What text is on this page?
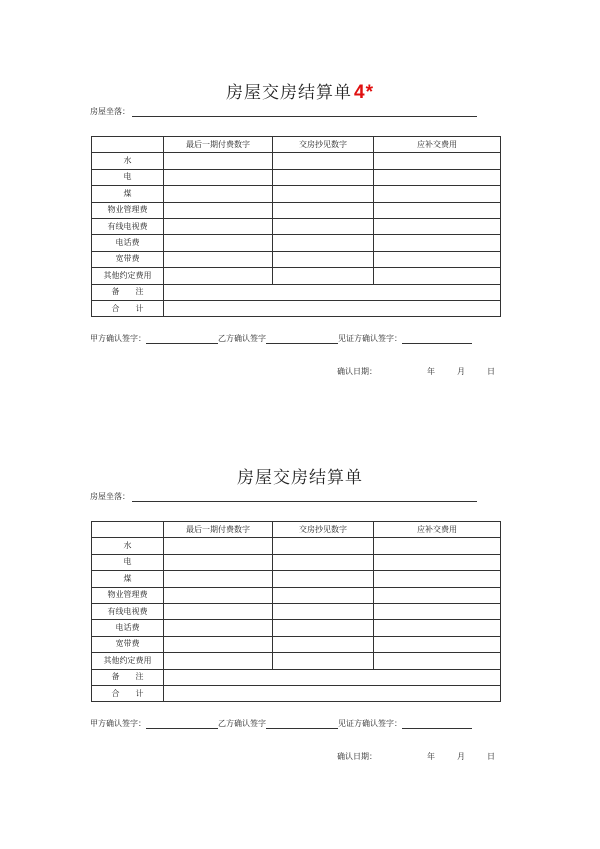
房屋交房结算单 4*
房屋坐落：
	最后一期付费数字	交房抄见数字	应补交费用
水			
电			
煤			
物业管理费			
有线电视费			
电话费			
宽带费			
其他约定费用			
备　　注			
合　　计			
甲方确认签字：	乙方确认签字	见证方确认签字：
确认日期：	年	月	日
房屋交房结算单
房屋坐落：
	最后一期付费数字	交房抄见数字	应补交费用
水			
电			
煤			
物业管理费			
有线电视费			
电话费			
宽带费			
其他约定费用			
备　　注			
合　　计			
甲方确认签字：	乙方确认签字	见证方确认签字：
确认日期：	年	月	日
